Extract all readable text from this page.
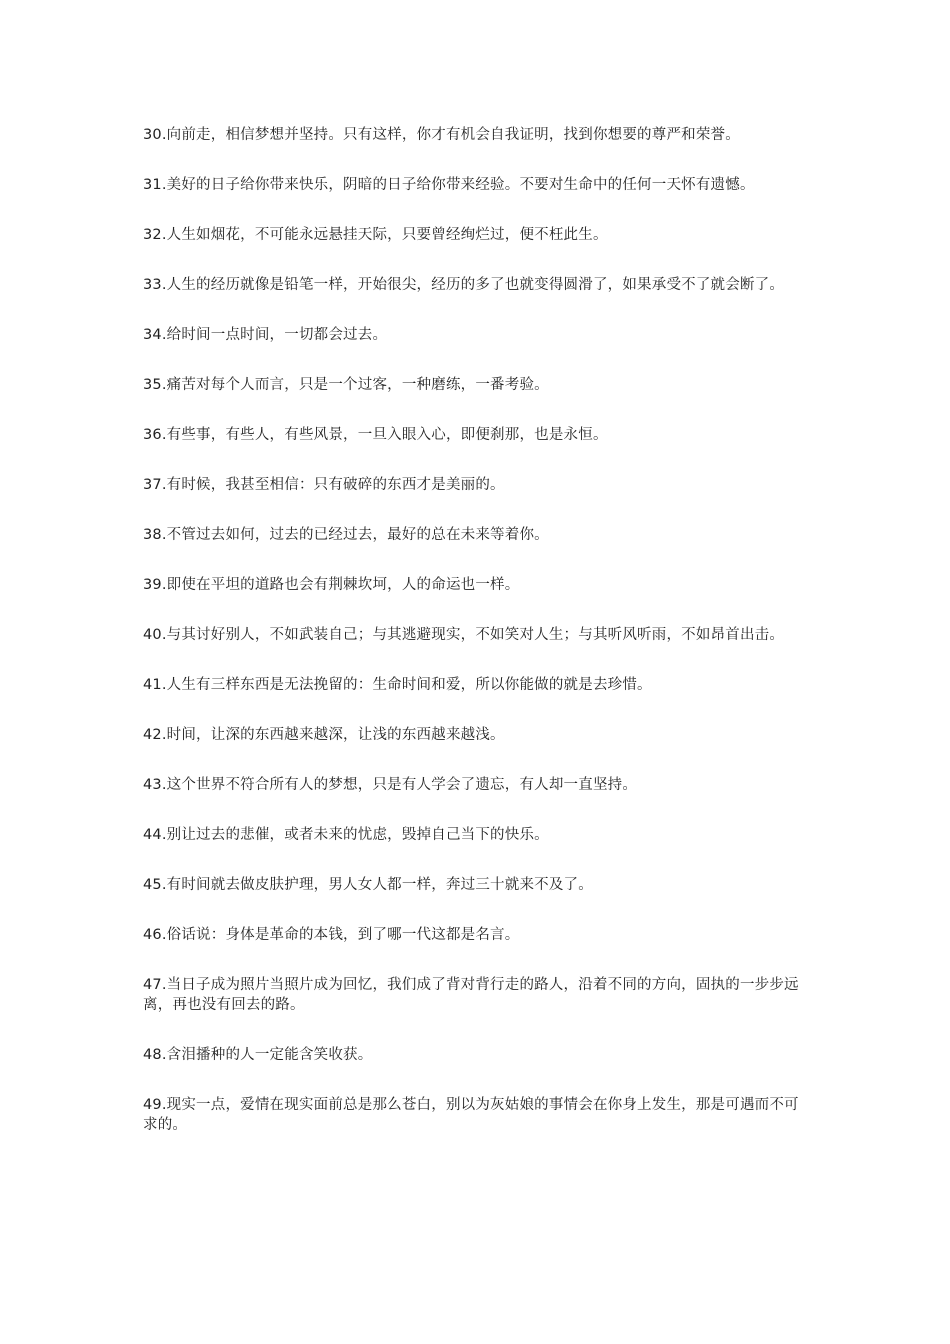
30.向前走，相信梦想并坚持。只有这样，你才有机会自我证明，找到你想要的尊严和荣誉。

31.美好的日子给你带来快乐，阴暗的日子给你带来经验。不要对生命中的任何一天怀有遗憾。

32.人生如烟花，不可能永远悬挂天际，只要曾经绚烂过，便不枉此生。

33.人生的经历就像是铅笔一样，开始很尖，经历的多了也就变得圆滑了，如果承受不了就会断了。

34.给时间一点时间，一切都会过去。

35.痛苦对每个人而言，只是一个过客，一种磨练，一番考验。

36.有些事，有些人，有些风景，一旦入眼入心，即便刹那，也是永恒。

37.有时候，我甚至相信：只有破碎的东西才是美丽的。

38.不管过去如何，过去的已经过去，最好的总在未来等着你。

39.即使在平坦的道路也会有荆棘坎坷，人的命运也一样。

40.与其讨好别人，不如武装自己；与其逃避现实，不如笑对人生；与其听风听雨，不如昂首出击。

41.人生有三样东西是无法挽留的：生命时间和爱，所以你能做的就是去珍惜。

42.时间，让深的东西越来越深，让浅的东西越来越浅。

43.这个世界不符合所有人的梦想，只是有人学会了遗忘，有人却一直坚持。

44.别让过去的悲催，或者未来的忧虑，毁掉自己当下的快乐。

45.有时间就去做皮肤护理，男人女人都一样，奔过三十就来不及了。

46.俗话说：身体是革命的本钱，到了哪一代这都是名言。

47.当日子成为照片当照片成为回忆，我们成了背对背行走的路人，沿着不同的方向，固执的一步步远离，再也没有回去的路。

48.含泪播种的人一定能含笑收获。

49.现实一点，爱情在现实面前总是那么苍白，别以为灰姑娘的事情会在你身上发生，那是可遇而不可求的。
